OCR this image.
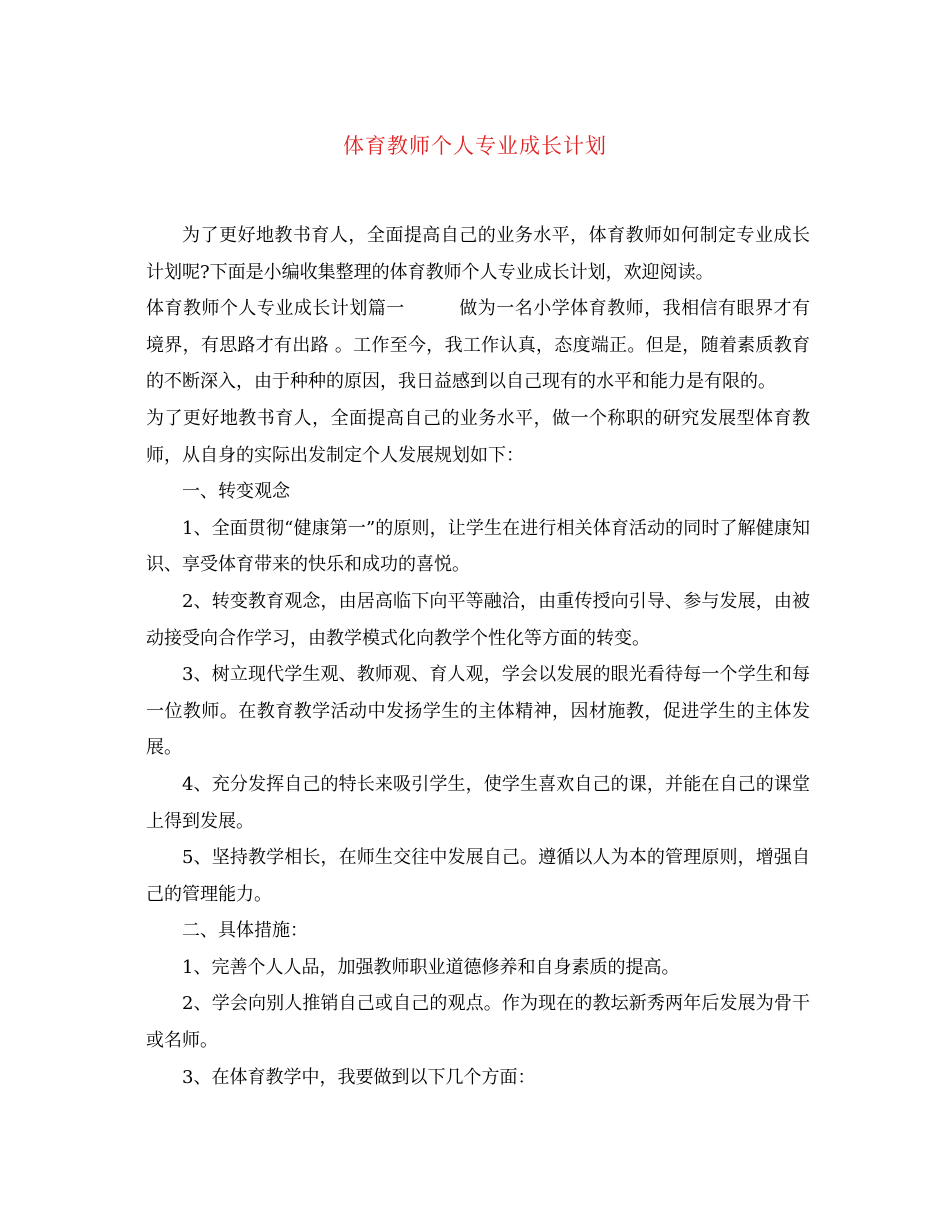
体育教师个人专业成长计划

为了更好地教书育人，全面提高自己的业务水平，体育教师如何制定专业成长计划呢?下面是小编收集整理的体育教师个人专业成长计划，欢迎阅读。

体育教师个人专业成长计划篇一	做为一名小学体育教师，我相信有眼界才有境界，有思路才有出路 。工作至今，我工作认真，态度端正。但是，随着素质教育的不断深入，由于种种的原因，我日益感到以自己现有的水平和能力是有限的。
为了更好地教书育人，全面提高自己的业务水平，做一个称职的研究发展型体育教师，从自身的实际出发制定个人发展规划如下：

一、转变观念

1、全面贯彻“健康第一”的原则，让学生在进行相关体育活动的同时了解健康知识、享受体育带来的快乐和成功的喜悦。

2、转变教育观念，由居高临下向平等融洽，由重传授向引导、参与发展，由被动接受向合作学习，由教学模式化向教学个性化等方面的转变。

3、树立现代学生观、教师观、育人观，学会以发展的眼光看待每一个学生和每一位教师。在教育教学活动中发扬学生的主体精神，因材施教，促进学生的主体发展。

4、充分发挥自己的特长来吸引学生，使学生喜欢自己的课，并能在自己的课堂上得到发展。

5、坚持教学相长，在师生交往中发展自己。遵循以人为本的管理原则，增强自己的管理能力。

二、具体措施：

1、完善个人人品，加强教师职业道德修养和自身素质的提高。

2、学会向别人推销自己或自己的观点。作为现在的教坛新秀两年后发展为骨干或名师。

3、在体育教学中，我要做到以下几个方面：
